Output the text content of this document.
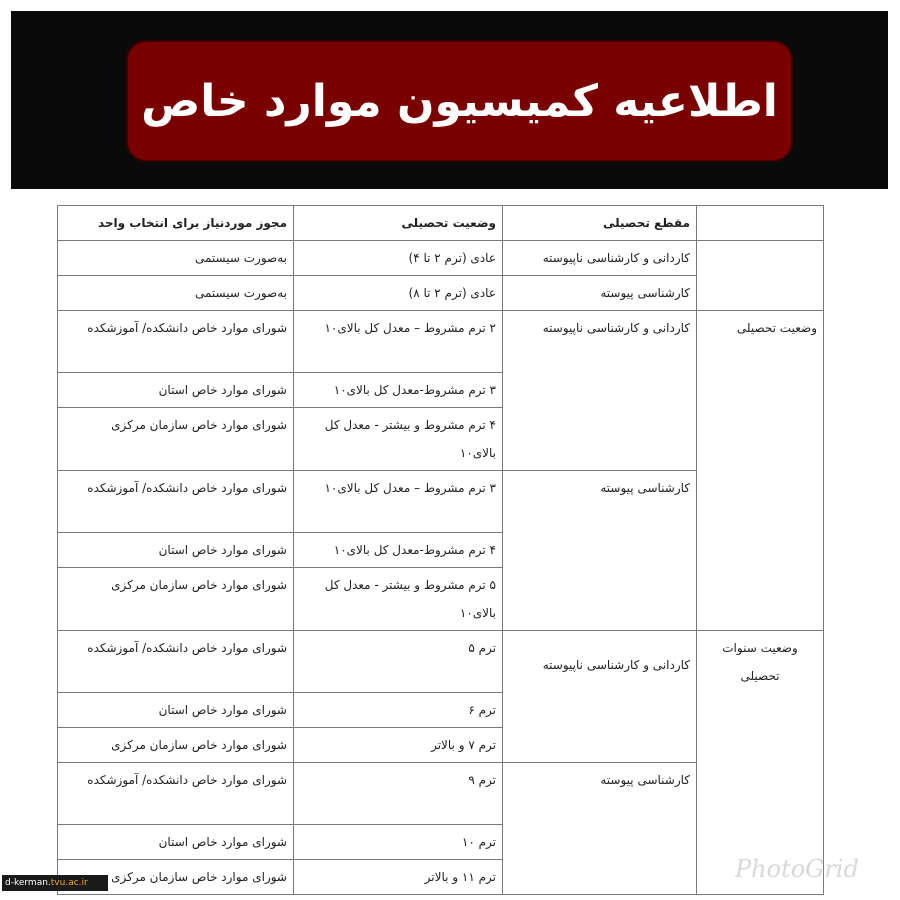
اطلاعیه کمیسیون موارد خاص
	مقطع تحصیلی	وضعیت تحصیلی	مجوز موردنیاز برای انتخاب واحد
	کاردانی و کارشناسی ناپیوسته	عادی (ترم ۲ تا ۴)	به‌صورت سیستمی
	کارشناسی پیوسته	عادی (ترم ۲ تا ۸)	به‌صورت سیستمی
وضعیت تحصیلی	کاردانی و کارشناسی ناپیوسته	۲ ترم مشروط – معدل کل بالای۱۰	شورای موارد خاص دانشکده/ آموزشکده
		۳ ترم مشروط-معدل کل بالای۱۰	شورای موارد خاص استان
		۴ ترم مشروط و بیشتر - معدل کل بالای۱۰	شورای موارد خاص سازمان مرکزی
	کارشناسی پیوسته	۳ ترم مشروط – معدل کل بالای۱۰	شورای موارد خاص دانشکده/ آموزشکده
		۴ ترم مشروط-معدل کل بالای۱۰	شورای موارد خاص استان
		۵ ترم مشروط و بیشتر - معدل کل بالای۱۰	شورای موارد خاص سازمان مرکزی
وضعیت سنوات تحصیلی	کاردانی و کارشناسی ناپیوسته	ترم ۵	شورای موارد خاص دانشکده/ آموزشکده
		ترم ۶	شورای موارد خاص استان
		ترم ۷ و بالاتر	شورای موارد خاص سازمان مرکزی
	کارشناسی پیوسته	ترم ۹	شورای موارد خاص دانشکده/ آموزشکده
		ترم ۱۰	شورای موارد خاص استان
		ترم ۱۱ و بالاتر	شورای موارد خاص سازمان مرکزی
d-kerman.tvu.ac.ir	PhotoGrid
